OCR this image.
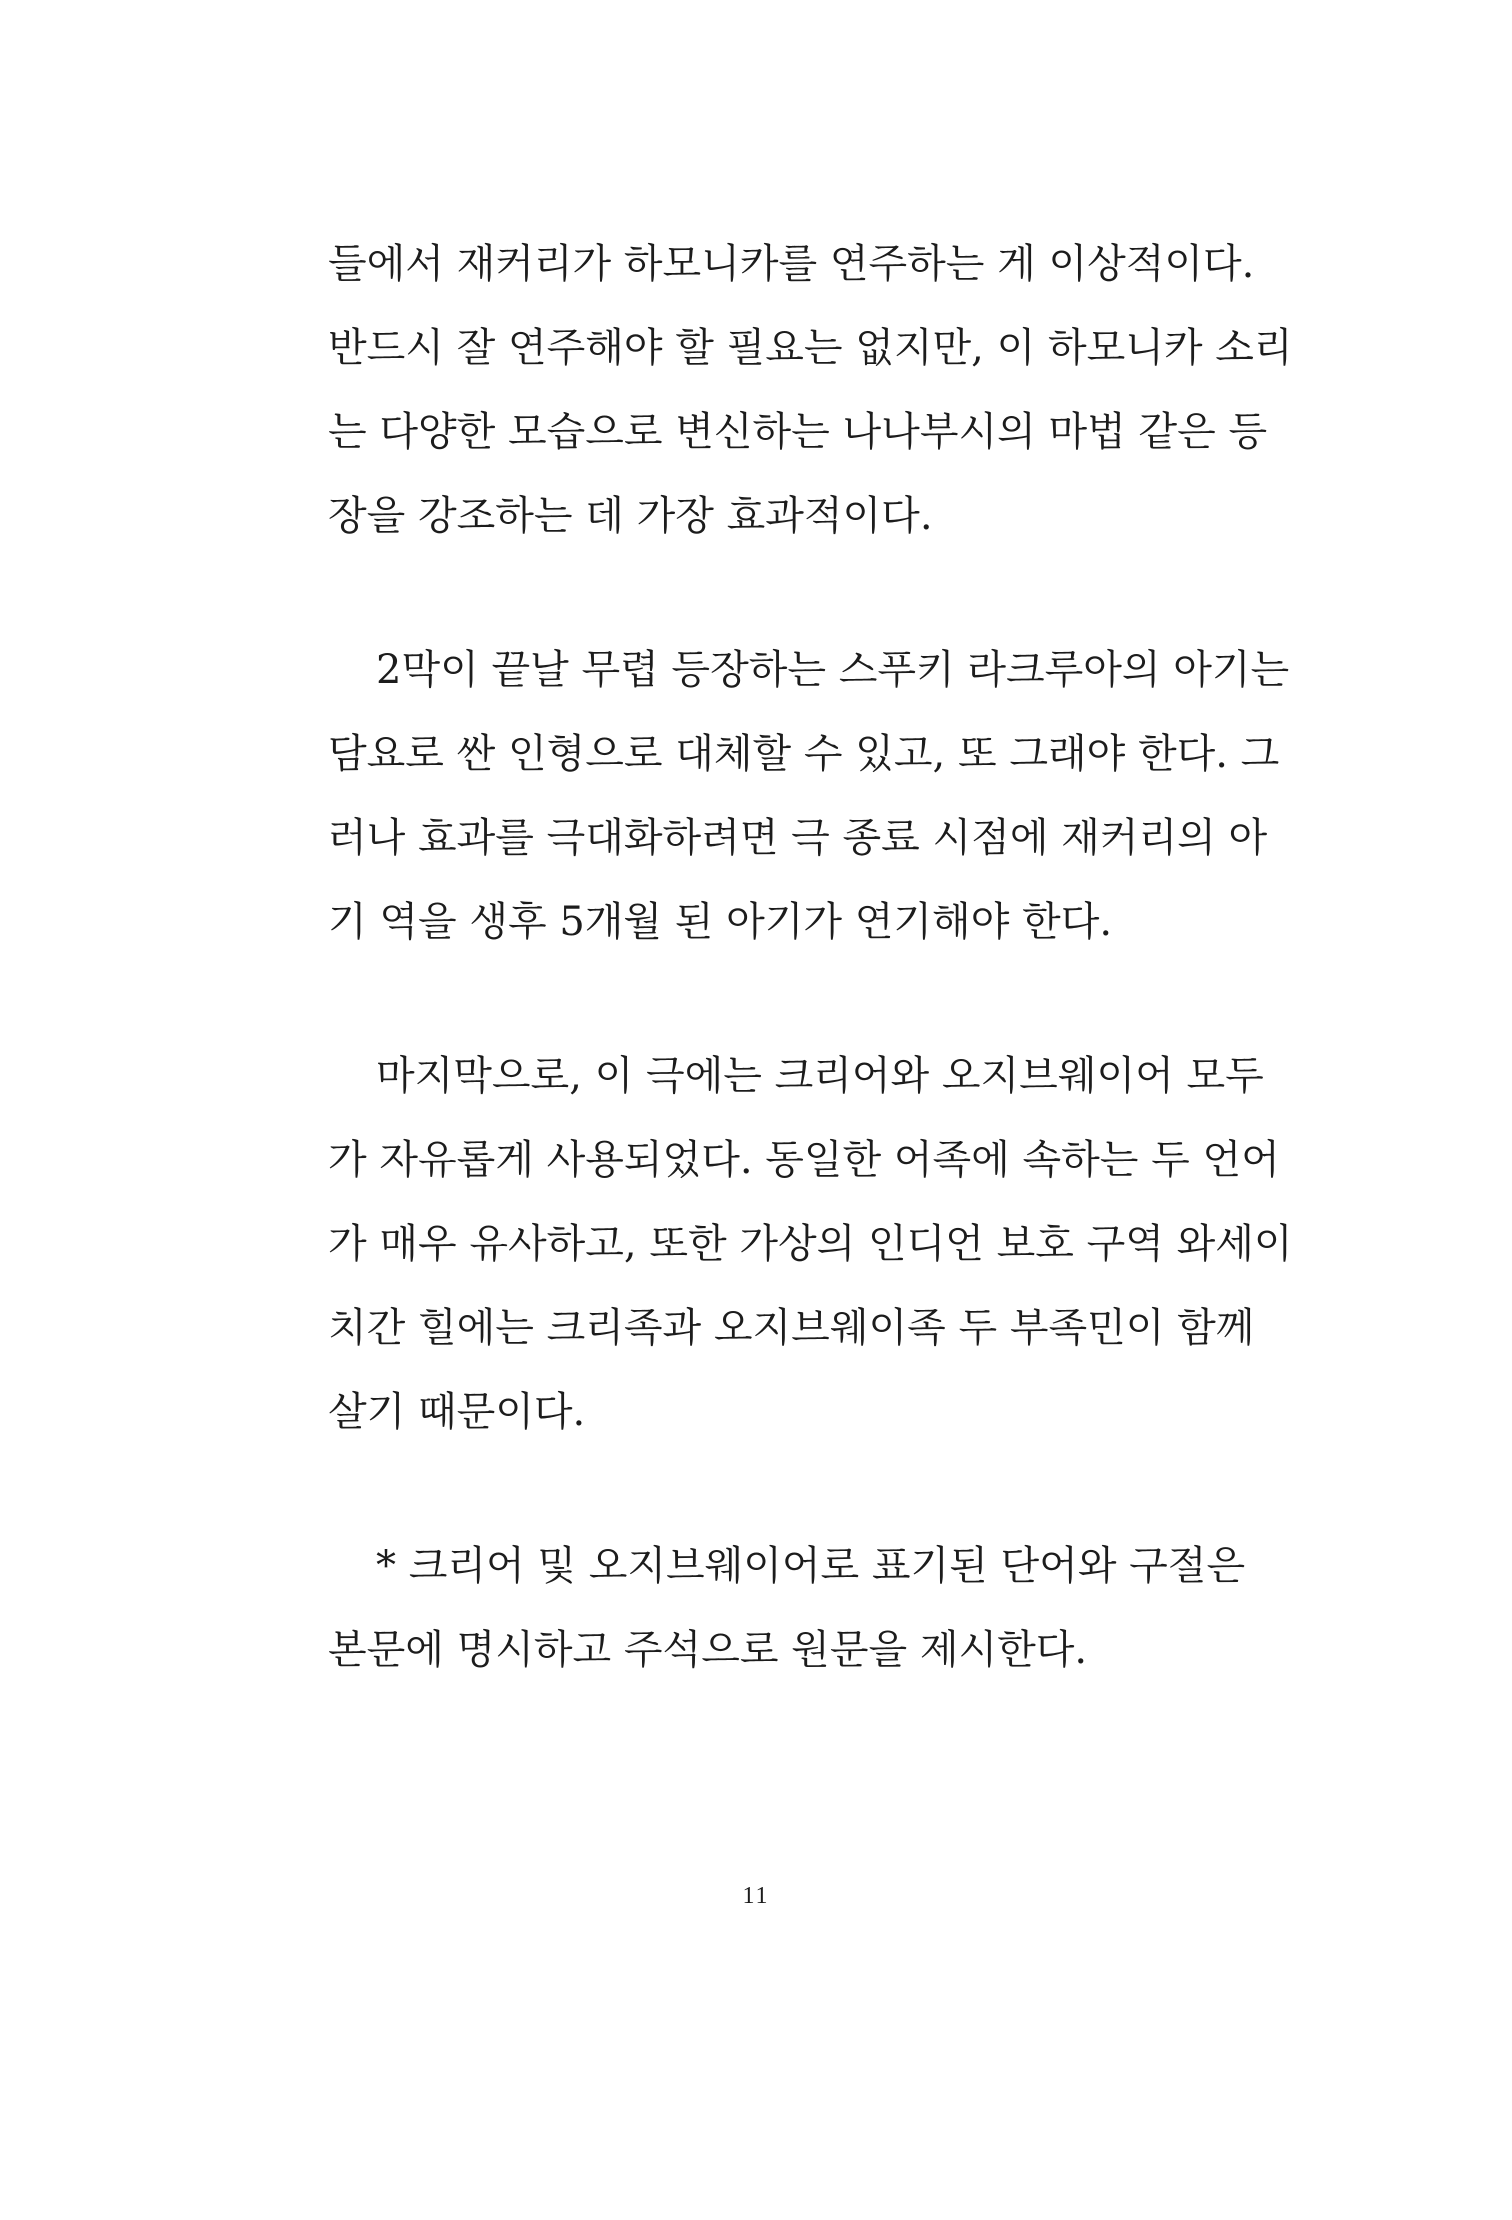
들에서 재커리가 하모니카를 연주하는 게 이상적이다.
반드시 잘 연주해야 할 필요는 없지만, 이 하모니카 소리
는 다양한 모습으로 변신하는 나나부시의 마법 같은 등
장을 강조하는 데 가장 효과적이다.
2막이 끝날 무렵 등장하는 스푸키 라크루아의 아기는
담요로 싼 인형으로 대체할 수 있고, 또 그래야 한다. 그
러나 효과를 극대화하려면 극 종료 시점에 재커리의 아
기 역을 생후 5개월 된 아기가 연기해야 한다.
마지막으로, 이 극에는 크리어와 오지브웨이어 모두
가 자유롭게 사용되었다. 동일한 어족에 속하는 두 언어
가 매우 유사하고, 또한 가상의 인디언 보호 구역 와세이
치간 힐에는 크리족과 오지브웨이족 두 부족민이 함께
살기 때문이다.
* 크리어 및 오지브웨이어로 표기된 단어와 구절은
본문에 명시하고 주석으로 원문을 제시한다.
11
